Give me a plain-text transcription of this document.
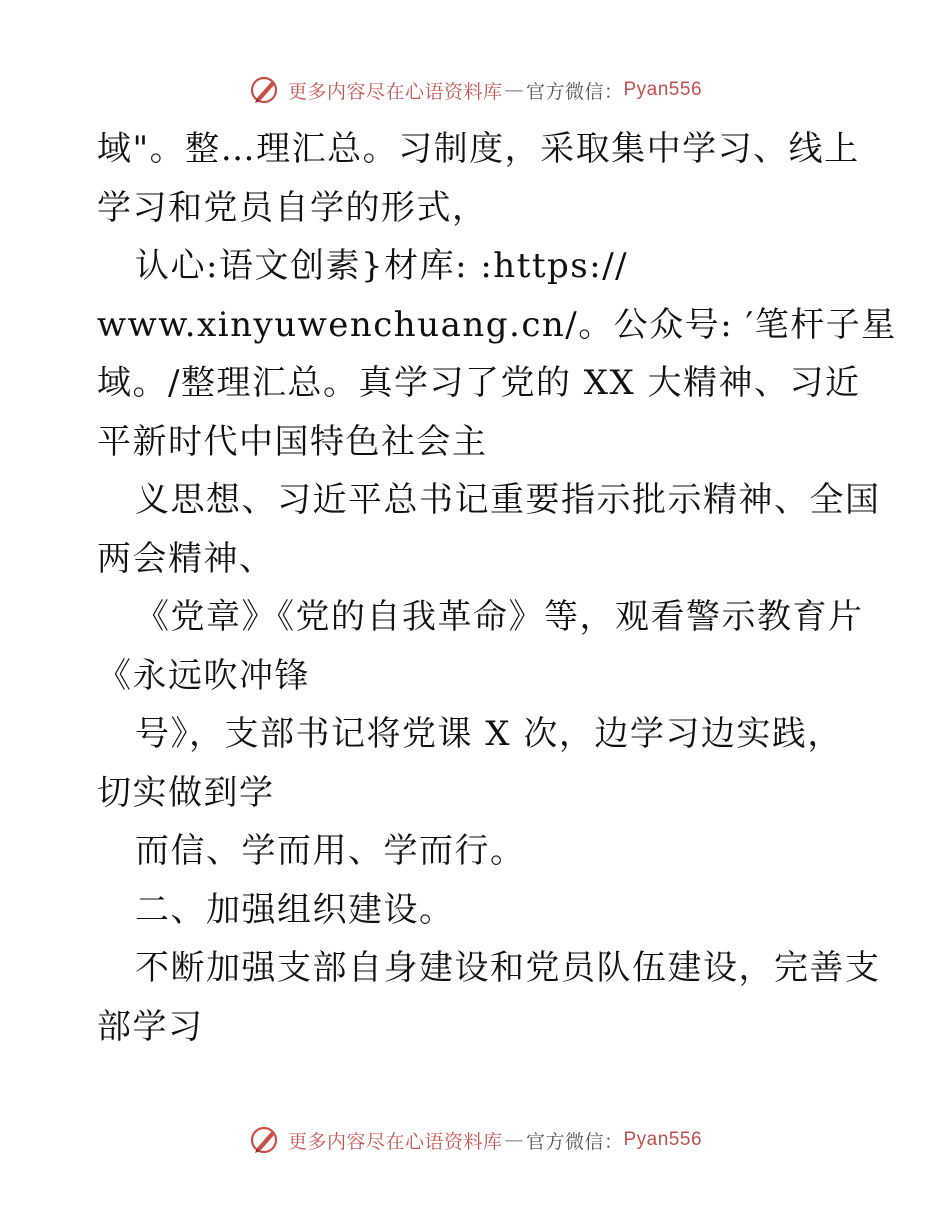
更多内容尽在心语资料库 — 官方微信： Pyan556
域"。整…理汇总。习制度，采取集中学习、线上
学习和党员自学的形式，
认心:语文创素}材库: :https://
www.xinyuwenchuang.cn/。公众号: ′笔杆子星
域。/整理汇总。真学习了党的 XX 大精神、习近
平新时代中国特色社会主
义思想、习近平总书记重要指示批示精神、全国
两会精神、
《党章》《党的自我革命》等，观看警示教育片
《永远吹冲锋
号》，支部书记将党课 X 次，边学习边实践，
切实做到学
而信、学而用、学而行。
二、加强组织建设。
不断加强支部自身建设和党员队伍建设，完善支
部学习
更多内容尽在心语资料库 — 官方微信： Pyan556
